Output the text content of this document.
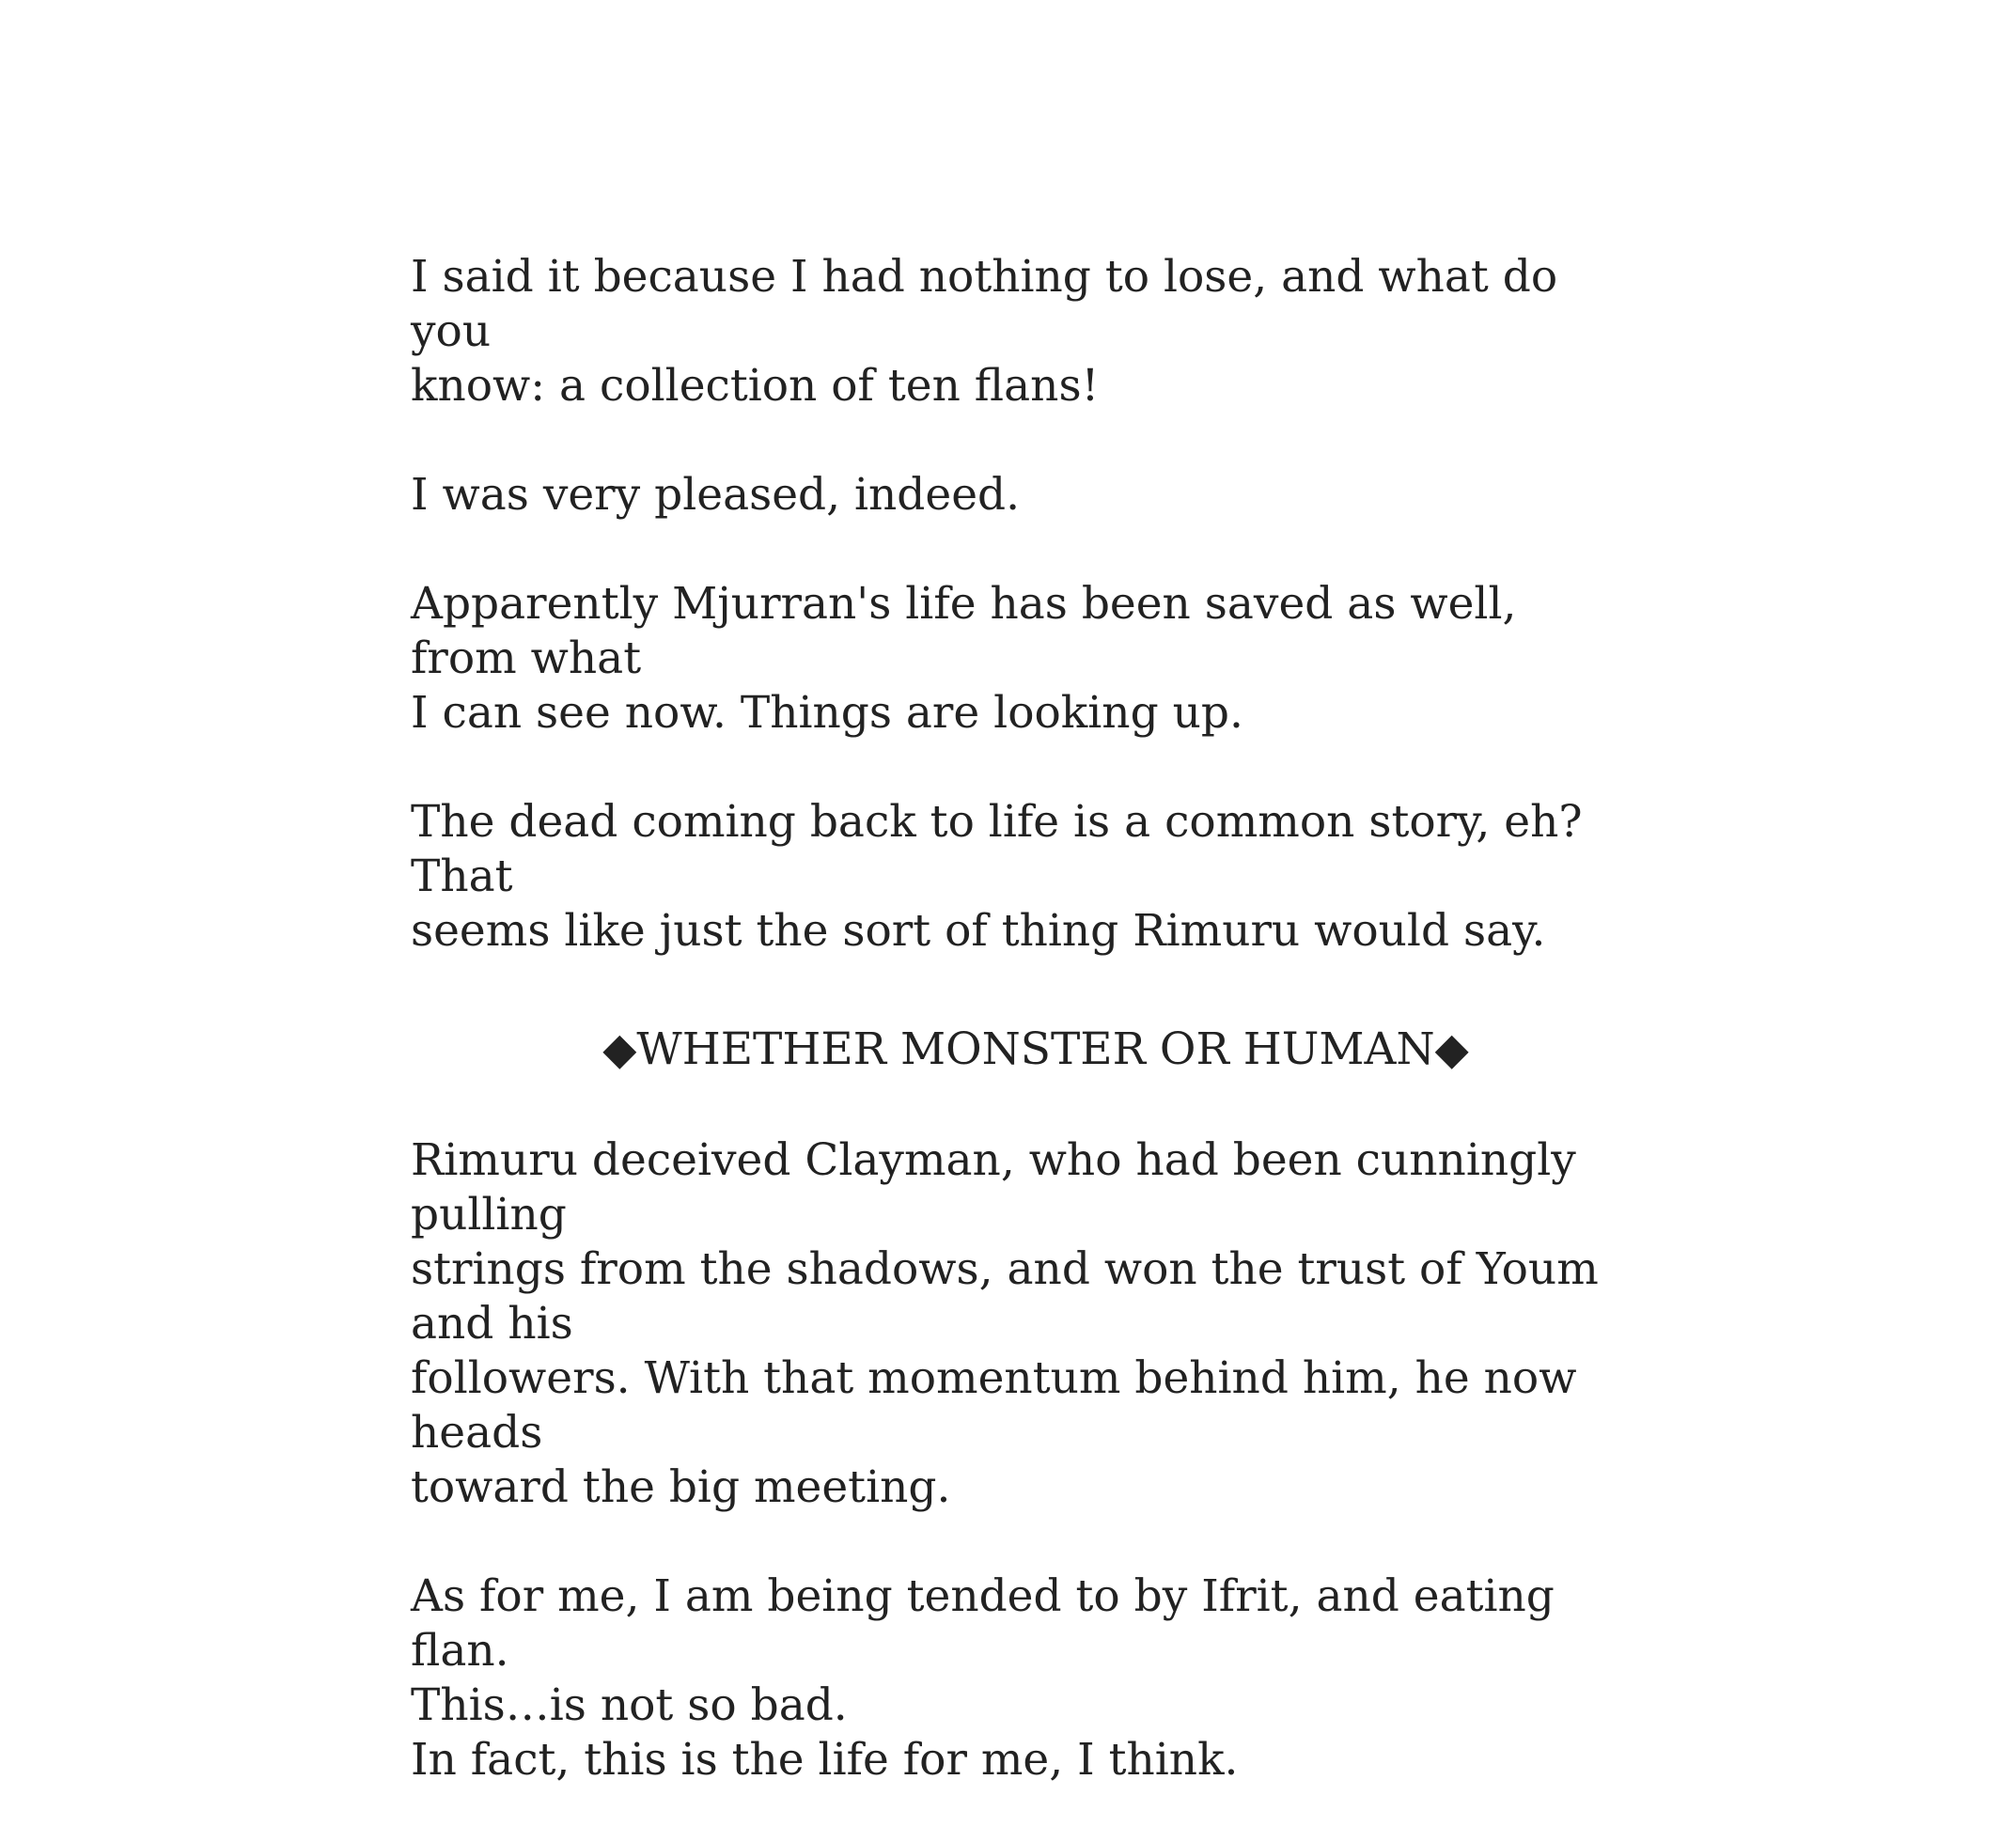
I said it because I had nothing to lose, and what do you
know: a collection of ten flans!

I was very pleased, indeed.

Apparently Mjurran's life has been saved as well, from what
I can see now. Things are looking up.

The dead coming back to life is a common story, eh? That
seems like just the sort of thing Rimuru would say.

◆WHETHER MONSTER OR HUMAN◆

Rimuru deceived Clayman, who had been cunningly pulling
strings from the shadows, and won the trust of Youm and his
followers. With that momentum behind him, he now heads
toward the big meeting.

As for me, I am being tended to by Ifrit, and eating flan.
This…is not so bad.
In fact, this is the life for me, I think.
